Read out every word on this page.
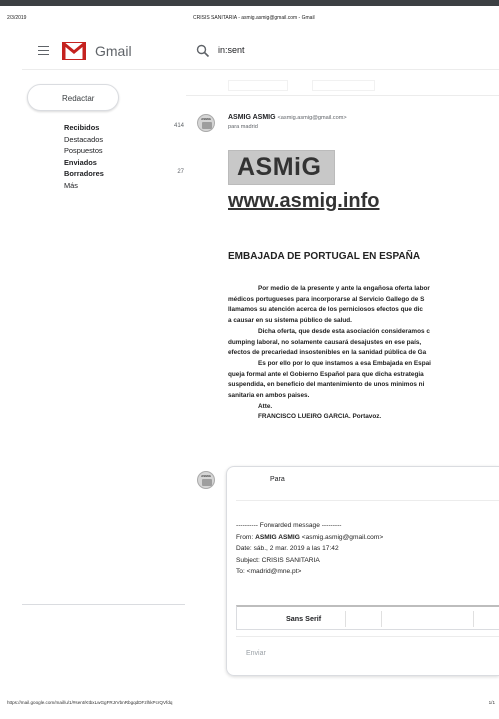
2/3/2019	CRISIS SANITARIA - asmig.asmig@gmail.com - Gmail
Gmail	in:sent
Redactar
Recibidos	414
Destacados
Pospuestos
Enviados
Borradores	27
Más
ASMiG	ASMIG ASMIG <asmig.asmig@gmail.com>
para madrid
ASMiG
www.asmig.info
EMBAJADA DE PORTUGAL EN ESPAÑA

Por medio de la presente y ante la engañosa oferta labor

médicos portugueses para incorporarse al Servicio Gallego de S

llamamos su atención acerca de los perniciosos efectos que dic

a causar en su sistema público de salud.

Dicha oferta, que desde esta asociación consideramos c

dumping laboral, no solamente causará desajustes en ese país,

efectos de precariedad insostenibles en la sanidad pública de Ga

Es por ello por lo que instamos a esa Embajada en Espai

queja formal ante el Gobierno Español para que dicha estrategia

suspendida, en beneficio del mantenimiento de unos minimos ni

sanitaria en ambos paises.

Atte.

FRANCISCO LUEIRO GARCIA. Portavoz.

ASMiG	Para
---------- Forwarded message ---------
From: ASMIG ASMIG <asmig.asmig@gmail.com>
Date: sáb., 2 mar. 2019 a las 17:42
Subject: CRISIS SANITARIA
To: <madrid@mne.pt>
Sans Serif
Enviar
https://mail.google.com/mail/u/1/#sent/KtbxLwGgFRJrVbnRbgqdDFzlhkPcrQVfdq	1/1
